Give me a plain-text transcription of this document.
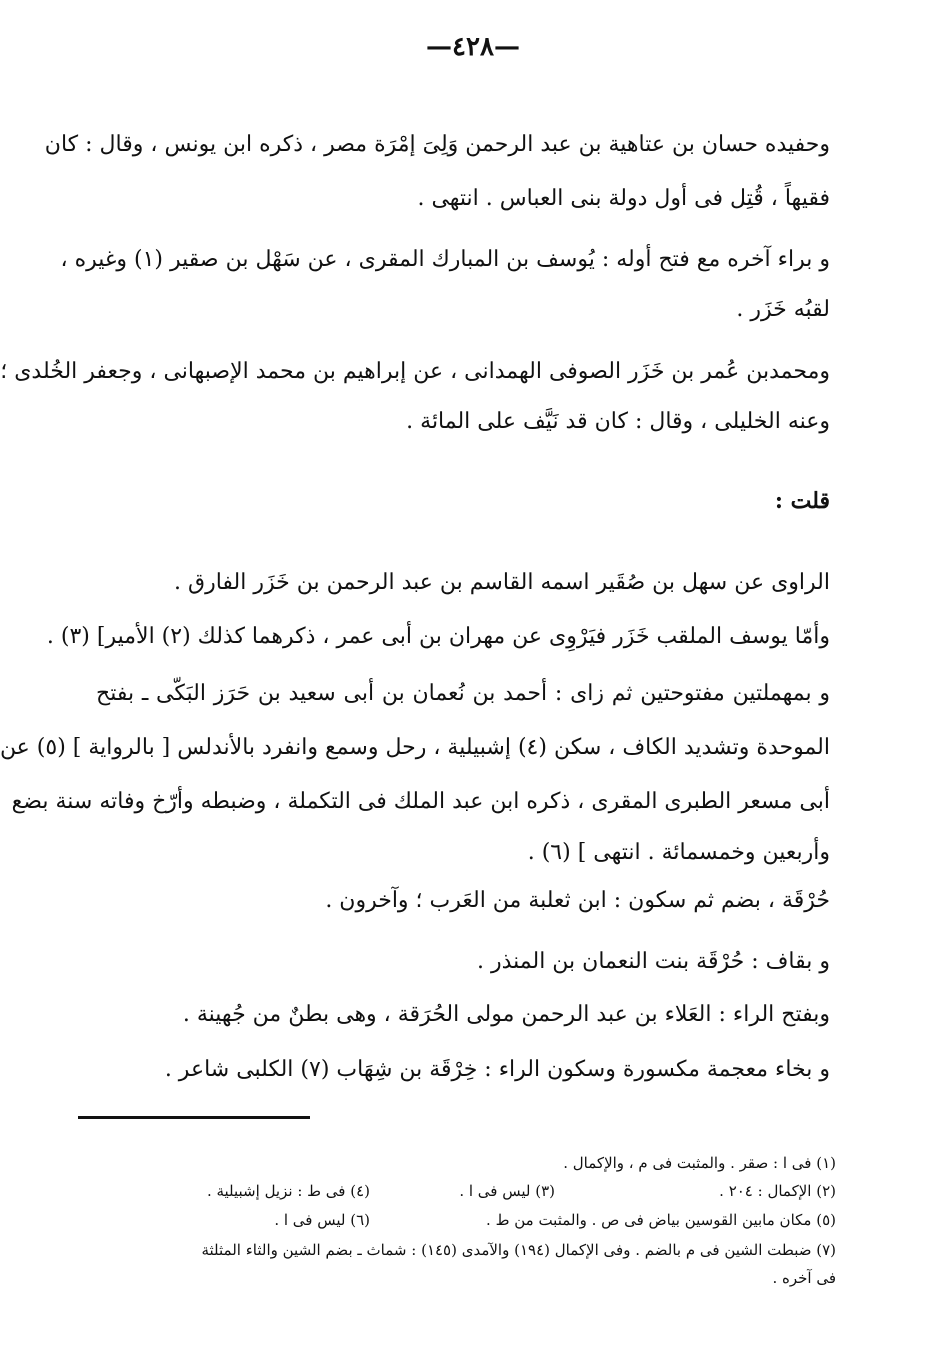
—٤٢٨—
وحفيده حسان بن عتاهية بن عبد الرحمن وَلِىَ إمْرَة مصر ، ذكره ابن يونس ، وقال : كان
فقيهاً ، قُتِل فى أول دولة بنى العباس . انتهى .
و براء آخره مع فتح أوله : يُوسف بن المبارك المقرى ، عن سَهْل بن صقير (١) وغيره ،
لقبُه خَزَر .
ومحمدبن عُمر بن خَزَر الصوفى الهمدانى ، عن إبراهيم بن محمد الإصبهانى ، وجعفر الخُلدى ؛
وعنه الخليلى ، وقال : كان قد نَيَّف على المائة .
قلت :
الراوى عن سهل بن صُقَير اسمه القاسم بن عبد الرحمن بن خَزَر الفارق .
وأمّا يوسف الملقب خَزَر فيَرْوِى عن مهران بن أبى عمر ، ذكرهما كذلك (٢) الأمير] (٣) .
و بمهملتين مفتوحتين ثم زاى : أحمد بن نُعمان بن أبى سعيد بن حَرَز البَكّى ـ بفتح
الموحدة وتشديد الكاف ، سكن (٤) إشبيلية ، رحل وسمع وانفرد بالأندلس [ بالرواية ] (٥) عن
أبى مسعر الطبرى المقرى ، ذكره ابن عبد الملك فى التكملة ، وضبطه وأرّخ وفاته سنة بضع
وأربعين وخمسمائة . انتهى ] (٦) .
حُرْقَة ، بضم ثم سكون : ابن ثعلبة من العَرب ؛ وآخرون .
و بقاف : حُرْقَة بنت النعمان بن المنذر .
وبفتح الراء : العَلاء بن عبد الرحمن مولى الحُرَقة ، وهى بطنٌ من جُهينة .
و بخاء معجمة مكسورة وسكون الراء : خِرْقَة بن شِهَاب (٧) الكلبى شاعر .
(١) فى ا : صقر . والمثبت فى م ، والإكمال .
(٢) الإكمال : ٢٠٤ .
(٣) ليس فى ا .
(٤) فى ط : نزيل إشبيلية .
(٥) مكان مابين القوسين بياض فى ص . والمثبت من ط .
(٦) ليس فى ا .
(٧) ضبطت الشين فى م بالضم . وفى الإكمال (١٩٤) والآمدى (١٤٥) : شماث ـ بضم الشين والثاء المثلثة
فى آخره .
